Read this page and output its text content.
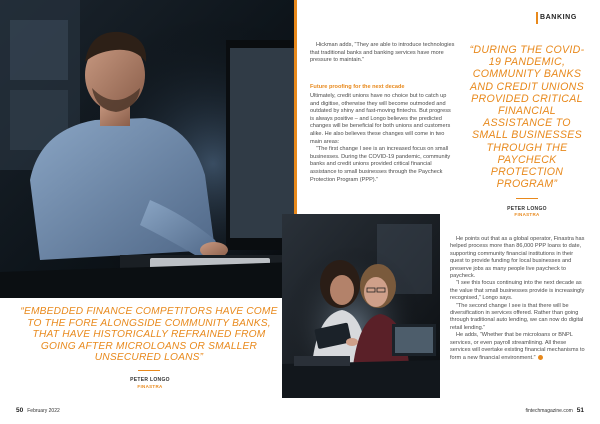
“EMBEDDED FINANCE COMPETITORS HAVE COME TO THE FORE ALONGSIDE COMMUNITY BANKS, THAT HAVE HISTORICALLY REFRAINED FROM GOING AFTER MICROLOANS OR SMALLER UNSECURED LOANS”
PETER LONGO
FINASTRA
50 February 2022
BANKING

Hickman adds, “They are able to introduce technologies that traditional banks and banking services have more pressure to maintain.”

Future proofing for the next decade

Ultimately, credit unions have no choice but to catch up and digitise, otherwise they will become outmoded and outdated by shiny and fast-moving fintechs. But progress is always positive – and Longo believes the predicted changes will be beneficial for both unions and customers alike. He also believes these changes will come in two main areas:

“The first change I see is an increased focus on small businesses. During the COVID-19 pandemic, community banks and credit unions provided critical financial assistance to small businesses through the Paycheck Protection Program (PPP).”

“DURING THE COVID-19 PANDEMIC, COMMUNITY BANKS AND CREDIT UNIONS PROVIDED CRITICAL FINANCIAL ASSISTANCE TO SMALL BUSINESSES THROUGH THE PAYCHECK PROTECTION PROGRAM”
PETER LONGO
FINASTRA

He points out that as a global operator, Finastra has helped process more than 86,000 PPP loans to date, supporting community financial institutions in their quest to provide funding for local businesses and preserve jobs as many people live paycheck to paycheck.

“I see this focus continuing into the next decade as the value that small businesses provide is increasingly recognised,” Longo says.

“The second change I see is that there will be diversification in services offered. Rather than going through traditional auto lending, we can now do digital retail lending.”

He adds, “Whether that be microloans or BNPL services, or even payroll streamlining. All these services will overtake existing financial mechanisms to form a new financial environment.”

fintechmagazine.com 51
